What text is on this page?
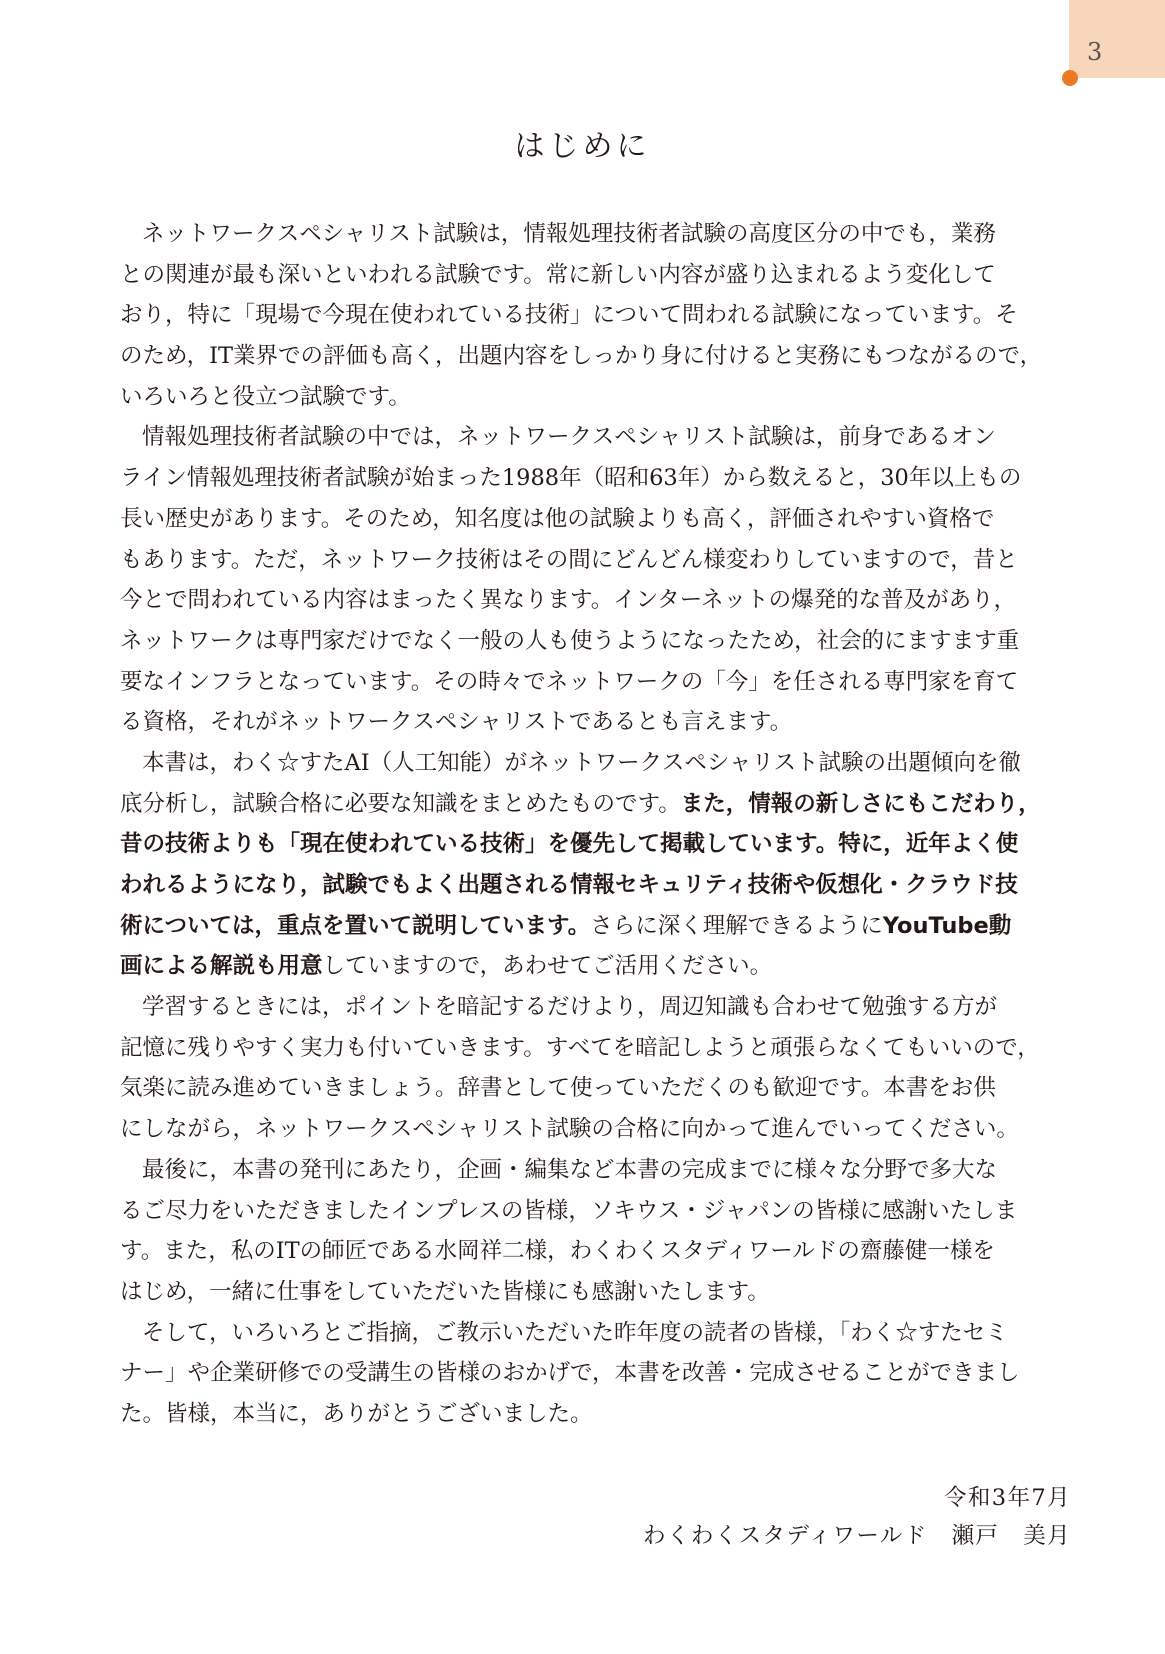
3
はじめに
ネットワークスペシャリスト試験は，情報処理技術者試験の高度区分の中でも，業務
との関連が最も深いといわれる試験です。常に新しい内容が盛り込まれるよう変化して
おり，特に「現場で今現在使われている技術」について問われる試験になっています。そ
のため，IT業界での評価も高く，出題内容をしっかり身に付けると実務にもつながるので，
いろいろと役立つ試験です。
情報処理技術者試験の中では，ネットワークスペシャリスト試験は，前身であるオン
ライン情報処理技術者試験が始まった1988年（昭和63年）から数えると，30年以上もの
長い歴史があります。そのため，知名度は他の試験よりも高く，評価されやすい資格で
もあります。ただ，ネットワーク技術はその間にどんどん様変わりしていますので，昔と
今とで問われている内容はまったく異なります。インターネットの爆発的な普及があり，
ネットワークは専門家だけでなく一般の人も使うようになったため，社会的にますます重
要なインフラとなっています。その時々でネットワークの「今」を任される専門家を育て
る資格，それがネットワークスペシャリストであるとも言えます。
本書は，わく☆すたAI（人工知能）がネットワークスペシャリスト試験の出題傾向を徹
底分析し，試験合格に必要な知識をまとめたものです。また，情報の新しさにもこだわり，
昔の技術よりも「現在使われている技術」を優先して掲載しています。特に，近年よく使
われるようになり，試験でもよく出題される情報セキュリティ技術や仮想化・クラウド技
術については，重点を置いて説明しています。さらに深く理解できるようにYouTube動
画による解説も用意していますので，あわせてご活用ください。
学習するときには，ポイントを暗記するだけより，周辺知識も合わせて勉強する方が
記憶に残りやすく実力も付いていきます。すべてを暗記しようと頑張らなくてもいいので，
気楽に読み進めていきましょう。辞書として使っていただくのも歓迎です。本書をお供
にしながら，ネットワークスペシャリスト試験の合格に向かって進んでいってください。
最後に，本書の発刊にあたり，企画・編集など本書の完成までに様々な分野で多大な
るご尽力をいただきましたインプレスの皆様，ソキウス・ジャパンの皆様に感謝いたしま
す。また，私のITの師匠である水岡祥二様，わくわくスタディワールドの齋藤健一様を
はじめ，一緒に仕事をしていただいた皆様にも感謝いたします。
そして，いろいろとご指摘，ご教示いただいた昨年度の読者の皆様，「わく☆すたセミ
ナー」や企業研修での受講生の皆様のおかげで，本書を改善・完成させることができまし
た。皆様，本当に，ありがとうございました。
令和3年7月
わくわくスタディワールド　瀬戸　美月
